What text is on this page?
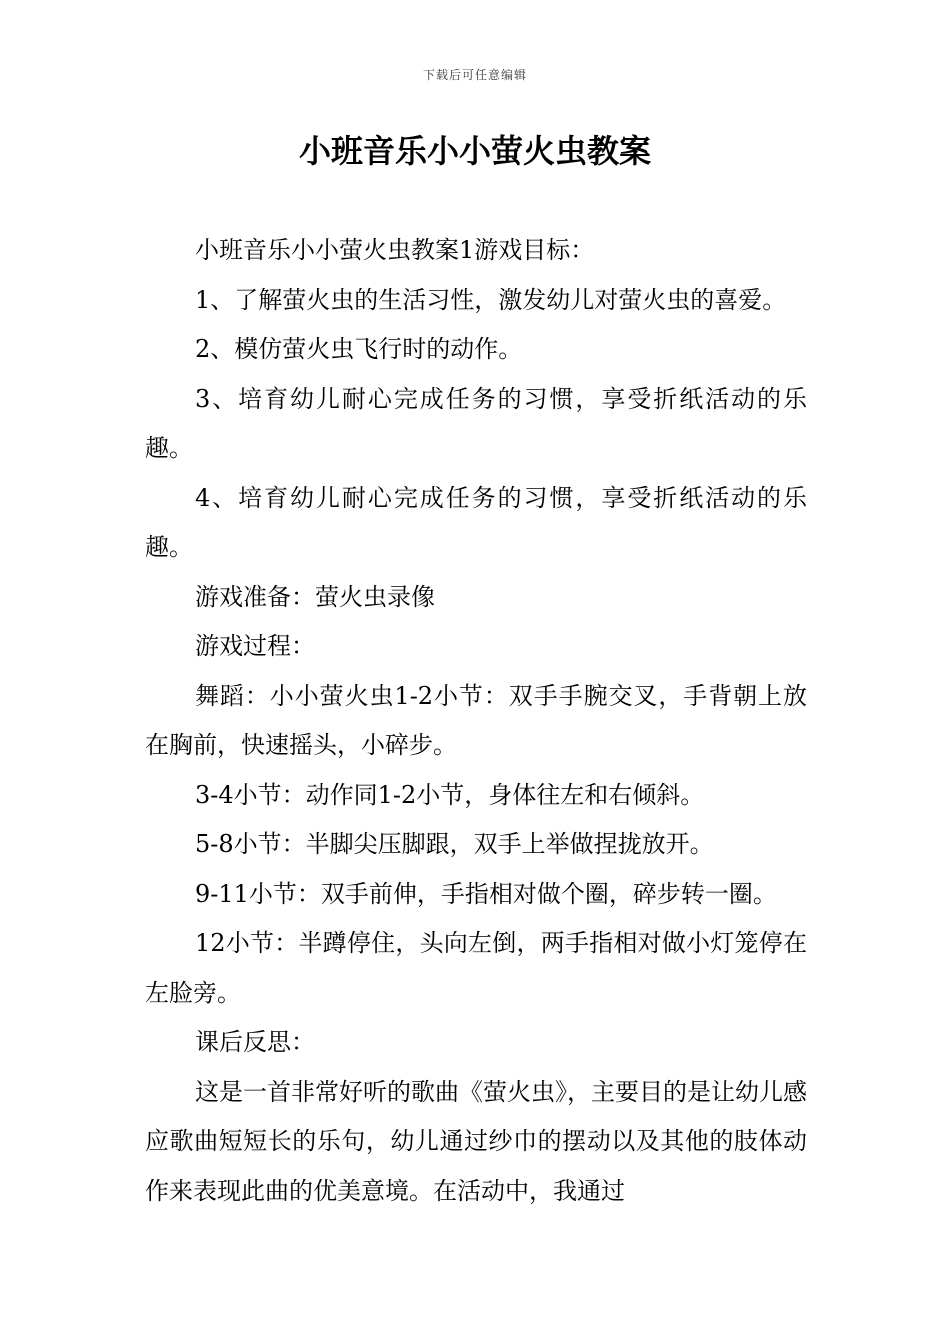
下载后可任意编辑
小班音乐小小萤火虫教案

小班音乐小小萤火虫教案1游戏目标：

1、了解萤火虫的生活习性，激发幼儿对萤火虫的喜爱。

2、模仿萤火虫飞行时的动作。

3、培育幼儿耐心完成任务的习惯，享受折纸活动的乐趣。

4、培育幼儿耐心完成任务的习惯，享受折纸活动的乐趣。

游戏准备：萤火虫录像

游戏过程：

舞蹈：小小萤火虫1-2小节：双手手腕交叉，手背朝上放在胸前，快速摇头，小碎步。

3-4小节：动作同1-2小节，身体往左和右倾斜。

5-8小节：半脚尖压脚跟，双手上举做捏拢放开。

9-11小节：双手前伸，手指相对做个圈，碎步转一圈。

12小节：半蹲停住，头向左倒，两手指相对做小灯笼停在左脸旁。

课后反思：

这是一首非常好听的歌曲《萤火虫》，主要目的是让幼儿感应歌曲短短长的乐句，幼儿通过纱巾的摆动以及其他的肢体动作来表现此曲的优美意境。在活动中，我通过
